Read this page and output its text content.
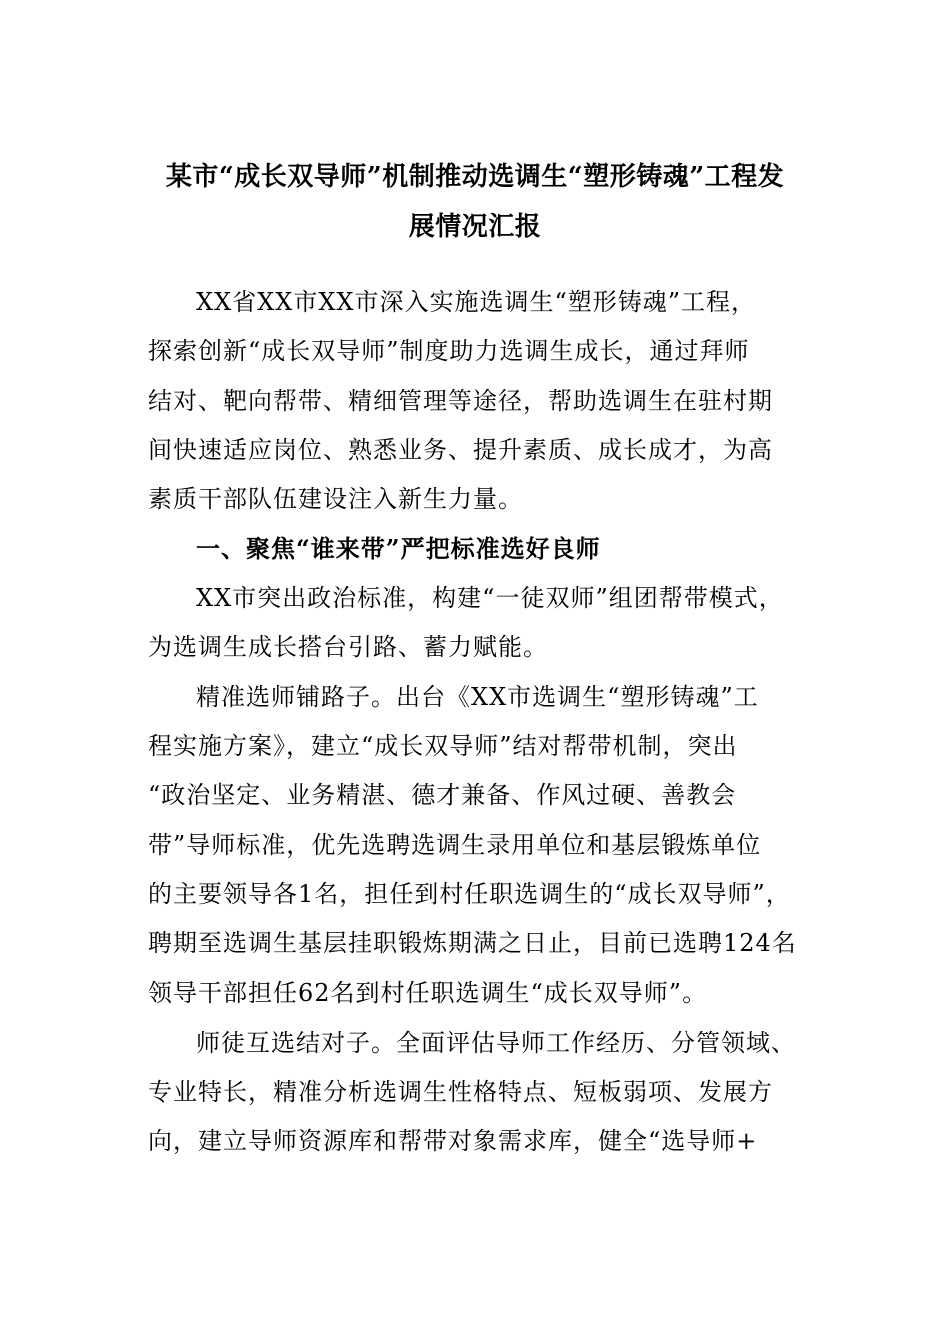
某市“成长双导师”机制推动选调生“塑形铸魂”工程发
展情况汇报
XX省XX市XX市深入实施选调生“塑形铸魂”工程，
探索创新“成长双导师”制度助力选调生成长，通过拜师
结对、靶向帮带、精细管理等途径，帮助选调生在驻村期
间快速适应岗位、熟悉业务、提升素质、成长成才，为高
素质干部队伍建设注入新生力量。
一、聚焦“谁来带”严把标准选好良师
XX市突出政治标准，构建“一徒双师”组团帮带模式，
为选调生成长搭台引路、蓄力赋能。
精准选师铺路子。出台《XX市选调生“塑形铸魂”工
程实施方案》，建立“成长双导师”结对帮带机制，突出
“政治坚定、业务精湛、德才兼备、作风过硬、善教会
带”导师标准，优先选聘选调生录用单位和基层锻炼单位
的主要领导各1名，担任到村任职选调生的“成长双导师”，
聘期至选调生基层挂职锻炼期满之日止，目前已选聘124名
领导干部担任62名到村任职选调生“成长双导师”。
师徒互选结对子。全面评估导师工作经历、分管领域、
专业特长，精准分析选调生性格特点、短板弱项、发展方
向，建立导师资源库和帮带对象需求库，健全“选导师+
